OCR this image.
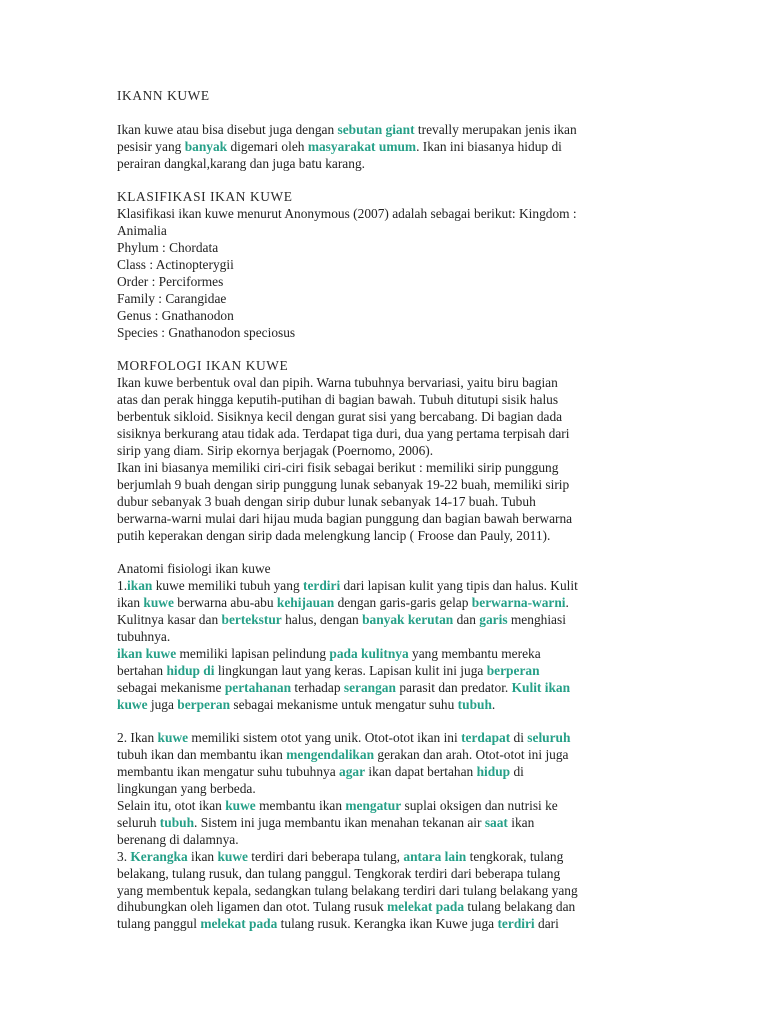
IKANN KUWE
Ikan kuwe atau bisa disebut juga dengan sebutan giant trevally merupakan jenis ikan
pesisir yang banyak digemari oleh masyarakat umum. Ikan ini biasanya hidup di
perairan dangkal,karang dan juga batu karang.
KLASIFIKASI IKAN KUWE
Klasifikasi ikan kuwe menurut Anonymous (2007) adalah sebagai berikut: Kingdom :
Animalia
Phylum : Chordata
Class : Actinopterygii
Order : Perciformes
Family : Carangidae
Genus : Gnathanodon
Species : Gnathanodon speciosus
MORFOLOGI IKAN KUWE
Ikan kuwe berbentuk oval dan pipih. Warna tubuhnya bervariasi, yaitu biru bagian
atas dan perak hingga keputih-putihan di bagian bawah. Tubuh ditutupi sisik halus
berbentuk sikloid. Sisiknya kecil dengan gurat sisi yang bercabang. Di bagian dada
sisiknya berkurang atau tidak ada. Terdapat tiga duri, dua yang pertama terpisah dari
sirip yang diam. Sirip ekornya berjagak (Poernomo, 2006).
Ikan ini biasanya memiliki ciri-ciri fisik sebagai berikut : memiliki sirip punggung
berjumlah 9 buah dengan sirip punggung lunak sebanyak 19-22 buah, memiliki sirip
dubur sebanyak 3 buah dengan sirip dubur lunak sebanyak 14-17 buah. Tubuh
berwarna-warni mulai dari hijau muda bagian punggung dan bagian bawah berwarna
putih keperakan dengan sirip dada melengkung lancip ( Froose dan Pauly, 2011).
Anatomi fisiologi ikan kuwe
1.ikan kuwe memiliki tubuh yang terdiri dari lapisan kulit yang tipis dan halus. Kulit
ikan kuwe berwarna abu-abu kehijauan dengan garis-garis gelap berwarna-warni.
Kulitnya kasar dan bertekstur halus, dengan banyak kerutan dan garis menghiasi
tubuhnya.
ikan kuwe memiliki lapisan pelindung pada kulitnya yang membantu mereka
bertahan hidup di lingkungan laut yang keras. Lapisan kulit ini juga berperan
sebagai mekanisme pertahanan terhadap serangan parasit dan predator. Kulit ikan
kuwe juga berperan sebagai mekanisme untuk mengatur suhu tubuh.
2. Ikan kuwe memiliki sistem otot yang unik. Otot-otot ikan ini terdapat di seluruh
tubuh ikan dan membantu ikan mengendalikan gerakan dan arah. Otot-otot ini juga
membantu ikan mengatur suhu tubuhnya agar ikan dapat bertahan hidup di
lingkungan yang berbeda.
Selain itu, otot ikan kuwe membantu ikan mengatur suplai oksigen dan nutrisi ke
seluruh tubuh. Sistem ini juga membantu ikan menahan tekanan air saat ikan
berenang di dalamnya.
3. Kerangka ikan kuwe terdiri dari beberapa tulang, antara lain tengkorak, tulang
belakang, tulang rusuk, dan tulang panggul. Tengkorak terdiri dari beberapa tulang
yang membentuk kepala, sedangkan tulang belakang terdiri dari tulang belakang yang
dihubungkan oleh ligamen dan otot. Tulang rusuk melekat pada tulang belakang dan
tulang panggul melekat pada tulang rusuk. Kerangka ikan Kuwe juga terdiri dari
